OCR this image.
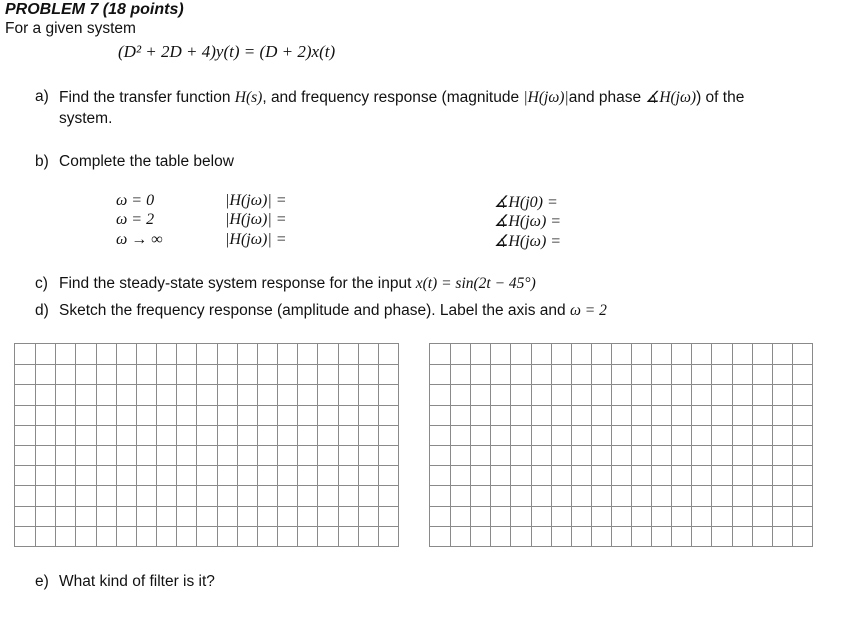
PROBLEM 7 (18 points)
For a given system
(D² + 2D + 4)y(t) = (D + 2)x(t)
a) Find the transfer function H(s), and frequency response (magnitude |H(jω)|and phase ∡H(jω)) of the
system.
b) Complete the table below
ω = 0	|H(jω)| =	∡H(j0) =
ω = 2	|H(jω)| =	∡H(jω) =
ω → ∞	|H(jω)| =	∡H(jω) =
c) Find the steady-state system response for the input x(t) = sin(2t − 45°)
d) Sketch the frequency response (amplitude and phase). Label the axis and ω = 2
e) What kind of filter is it?
